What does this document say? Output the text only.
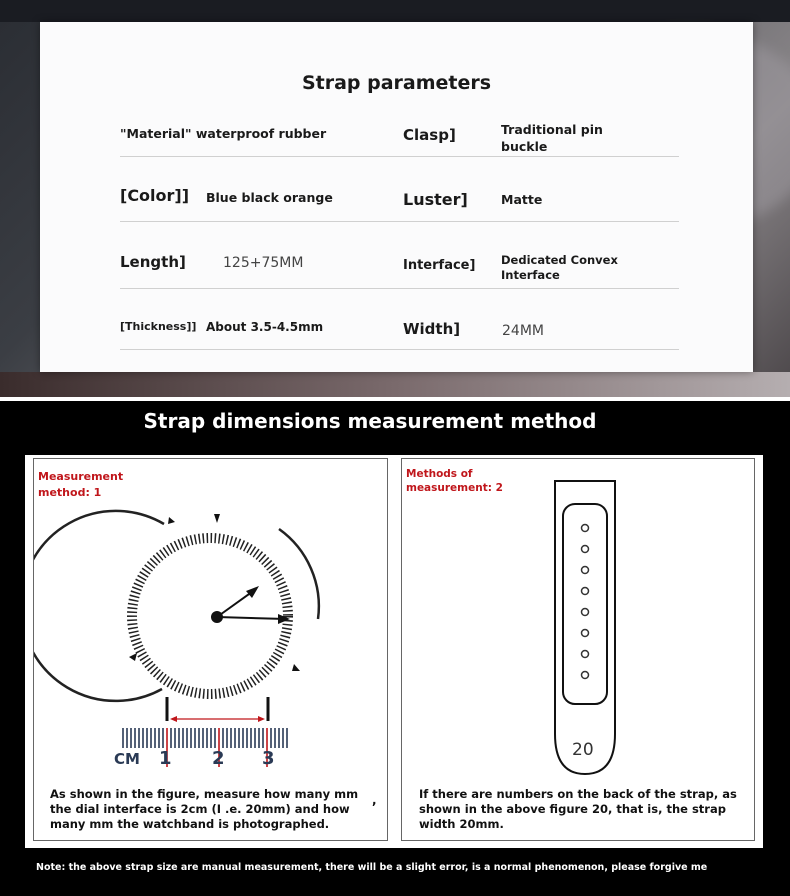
Strap parameters
"Material" waterproof rubber	Clasp]	Traditional pin buckle
[Color]] Blue black orange	Luster]	Matte
Length]	125+75MM	Interface] Dedicated Convex Interface
[Thickness]] About 3.5-4.5mm	Width]	24MM
Strap dimensions measurement method
Measurement
method: 1
CM 1 2 3
As shown in the figure, measure how many mm the dial interface is 2cm (I .e. 20mm) and how many mm the watchband is photographed.
,
Methods of
measurement: 2
20
If there are numbers on the back of the strap, as shown in the above figure 20, that is, the strap width 20mm.
Note: the above strap size are manual measurement, there will be a slight error, is a normal phenomenon, please forgive me
